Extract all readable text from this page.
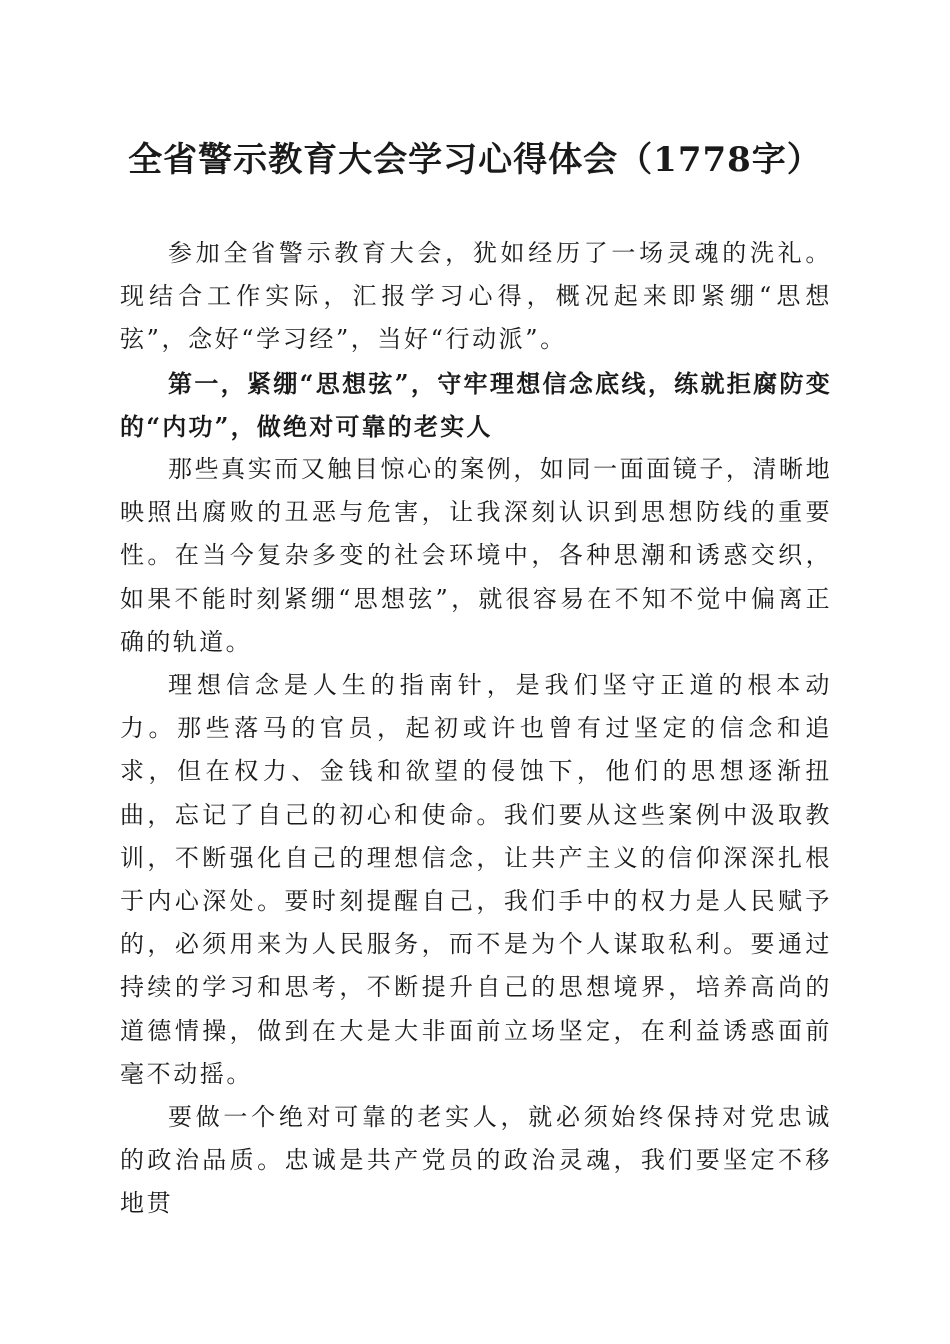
全省警示教育大会学习心得体会（1778字）

参加全省警示教育大会，犹如经历了一场灵魂的洗礼。现结合工作实际，汇报学习心得，概况起来即紧绷“思想弦”，念好“学习经”，当好“行动派”。

第一，紧绷“思想弦”，守牢理想信念底线，练就拒腐防变的“内功”，做绝对可靠的老实人

那些真实而又触目惊心的案例，如同一面面镜子，清晰地映照出腐败的丑恶与危害，让我深刻认识到思想防线的重要性。在当今复杂多变的社会环境中，各种思潮和诱惑交织，如果不能时刻紧绷“思想弦”，就很容易在不知不觉中偏离正确的轨道。

理想信念是人生的指南针，是我们坚守正道的根本动力。那些落马的官员，起初或许也曾有过坚定的信念和追求，但在权力、金钱和欲望的侵蚀下，他们的思想逐渐扭曲，忘记了自己的初心和使命。我们要从这些案例中汲取教训，不断强化自己的理想信念，让共产主义的信仰深深扎根于内心深处。要时刻提醒自己，我们手中的权力是人民赋予的，必须用来为人民服务，而不是为个人谋取私利。要通过持续的学习和思考，不断提升自己的思想境界，培养高尚的道德情操，做到在大是大非面前立场坚定，在利益诱惑面前毫不动摇。

要做一个绝对可靠的老实人，就必须始终保持对党忠诚的政治品质。忠诚是共产党员的政治灵魂，我们要坚定不移地贯
